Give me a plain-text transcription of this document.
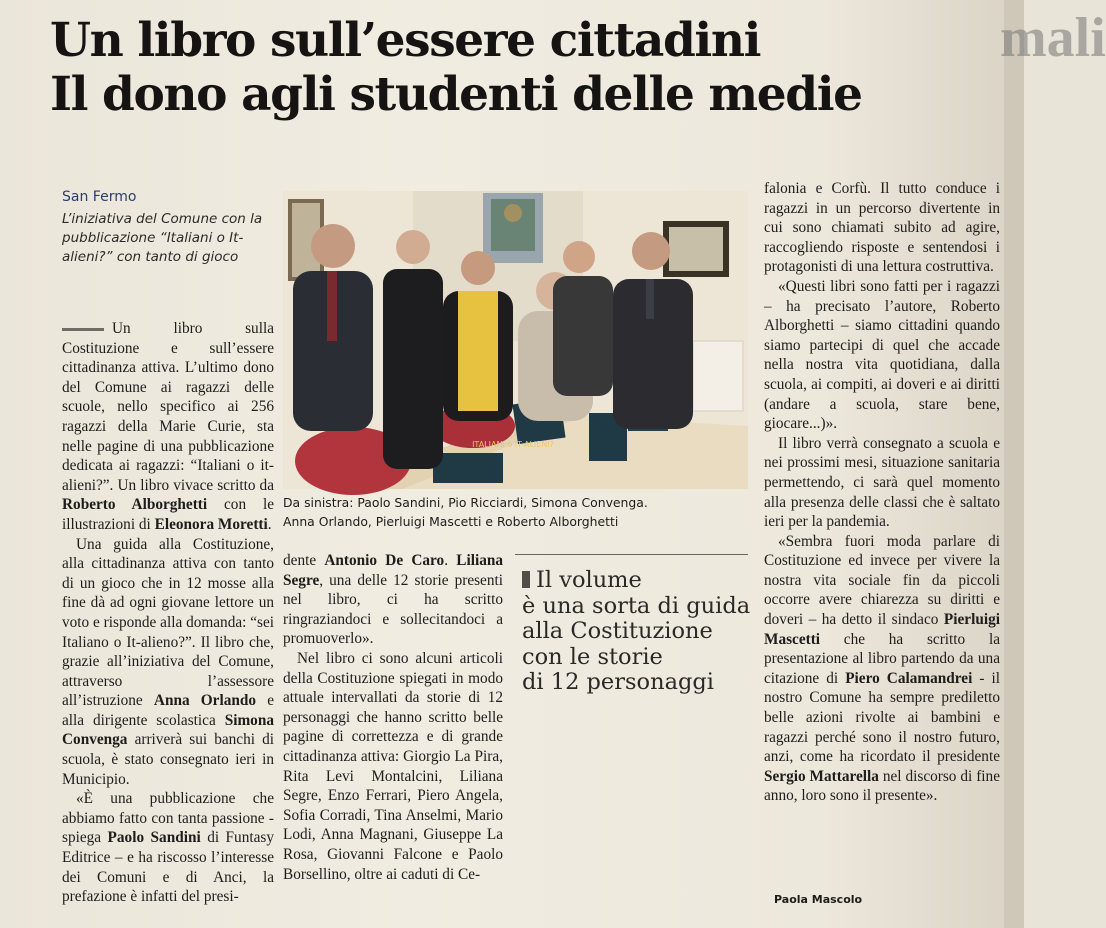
mali
Un libro sull’essere cittadini
Il dono agli studenti delle medie
San Fermo
L’iniziativa del Comune con la pubblicazione “Italiani o It-alieni?” con tanto di gioco

Un libro sulla Costituzione e sull’essere cittadinanza attiva. L’ultimo dono del Comune ai ragazzi delle scuole, nello specifico ai 256 ragazzi della Marie Curie, sta nelle pagine di una pubblicazione dedicata ai ragazzi: “Italiani o it-alieni?”. Un libro vivace scritto da Roberto Alborghetti con le illustrazioni di Eleonora Moretti.

Una guida alla Costituzione, alla cittadinanza attiva con tanto di un gioco che in 12 mosse alla fine dà ad ogni giovane lettore un voto e risponde alla domanda: “sei Italiano o It-alieno?”. Il libro che, grazie all’iniziativa del Comune, attraverso l’assessore all’istruzione Anna Orlando e alla dirigente scolastica Simona Convenga arriverà sui banchi di scuola, è stato consegnato ieri in Municipio.

«È una pubblicazione che abbiamo fatto con tanta passione - spiega Paolo Sandini di Funtasy Editrice – e ha riscosso l’interesse dei Comuni e di Anci, la prefazione è infatti del presi-

ITALIANI o IT-ALIENI?
Da sinistra: Paolo Sandini, Pio Ricciardi, Simona Convenga.
Anna Orlando, Pierluigi Mascetti e Roberto Alborghetti

dente Antonio De Caro. Liliana Segre, una delle 12 storie presenti nel libro, ci ha scritto ringraziandoci e sollecitandoci a promuoverlo».

Nel libro ci sono alcuni articoli della Costituzione spiegati in modo attuale intervallati da storie di 12 personaggi che hanno scritto belle pagine di correttezza e di grande cittadinanza attiva: Giorgio La Pira, Rita Levi Montalcini, Liliana Segre, Enzo Ferrari, Piero Angela, Sofia Corradi, Tina Anselmi, Mario Lodi, Anna Magnani, Giuseppe La Rosa, Giovanni Falcone e Paolo Borsellino, oltre ai caduti di Ce-

Il volume
è una sorta di guida
alla Costituzione
con le storie
di 12 personaggi

falonia e Corfù. Il tutto conduce i ragazzi in un percorso divertente in cui sono chiamati subito ad agire, raccogliendo risposte e sentendosi i protagonisti di una lettura costruttiva.

«Questi libri sono fatti per i ragazzi – ha precisato l’autore, Roberto Alborghetti – siamo cittadini quando siamo partecipi di quel che accade nella nostra vita quotidiana, dalla scuola, ai compiti, ai doveri e ai diritti (andare a scuola, stare bene, giocare...)».

Il libro verrà consegnato a scuola e nei prossimi mesi, situazione sanitaria permettendo, ci sarà quel momento alla presenza delle classi che è saltato ieri per la pandemia.

«Sembra fuori moda parlare di Costituzione ed invece per vivere la nostra vita sociale fin da piccoli occorre avere chiarezza su diritti e doveri – ha detto il sindaco Pierluigi Mascetti che ha scritto la presentazione al libro partendo da una citazione di Piero Calamandrei - il nostro Comune ha sempre prediletto belle azioni rivolte ai bambini e ragazzi perché sono il nostro futuro, anzi, come ha ricordato il presidente Sergio Mattarella nel discorso di fine anno, loro sono il presente».

Paola Mascolo
